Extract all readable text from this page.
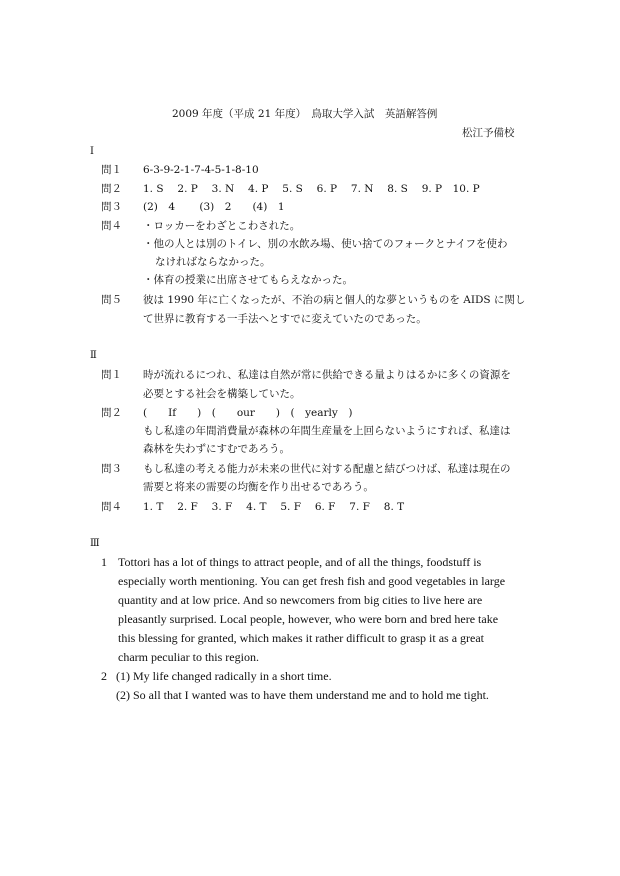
2009 年度（平成 21 年度）　鳥取大学入試　英語解答例
松江予備校
Ⅰ
問１ 6-3-9-2-1-7-4-5-1-8-10
問２ 1. S　 2. P　 3. N　 4. P　 5. S　 6. P　 7. N　 8. S　 9. P　10. P
問３ (2)　4　　 (3)　2　　(4)　1
問４ ・ロッカーをわざとこわされた。
・他の人とは別のトイレ、別の水飲み場、使い捨てのフォークとナイフを使わ
なければならなかった。
・体育の授業に出席させてもらえなかった。
問５ 彼は 1990 年に亡くなったが、不治の病と個人的な夢というものを AIDS に関し
て世界に教育する一手法へとすでに変えていたのであった。
Ⅱ
問１ 時が流れるにつれ、私達は自然が常に供給できる量よりはるかに多くの資源を
必要とする社会を構築していた。
問２ (　　If　　)　(　　our　　)　(　yearly　)
もし私達の年間消費量が森林の年間生産量を上回らないようにすれば、私達は
森林を失わずにすむであろう。
問３ もし私達の考える能力が未来の世代に対する配慮と結びつけば、私達は現在の
需要と将来の需要の均衡を作り出せるであろう。
問４ 1. T　 2. F　 3. F　 4. T　 5. F　 6. F　 7. F　 8. T
Ⅲ
1 Tottori has a lot of things to attract people, and of all the things, foodstuff is
especially worth mentioning. You can get fresh fish and good vegetables in large
quantity and at low price. And so newcomers from big cities to live here are
pleasantly surprised. Local people, however, who were born and bred here take
this blessing for granted, which makes it rather difficult to grasp it as a great
charm peculiar to this region.
2 (1) My life changed radically in a short time.
(2) So all that I wanted was to have them understand me and to hold me tight.
